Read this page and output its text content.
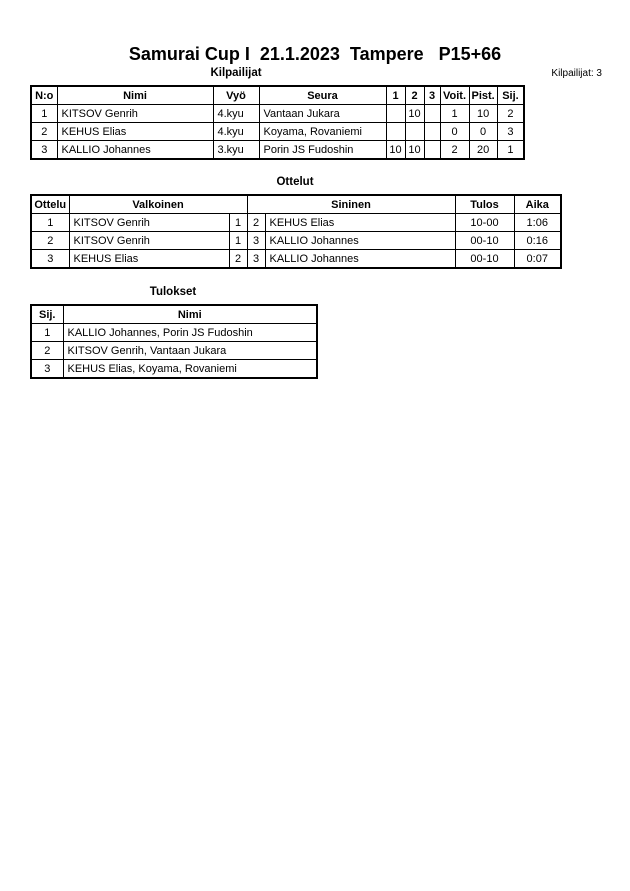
Samurai Cup I  21.1.2023  Tampere   P15+66
Kilpailijat: 3
Kilpailijat
N:o	Nimi	Vyö	Seura	1	2	3	Voit.	Pist.	Sij.
1	KITSOV Genrih	4.kyu	Vantaan Jukara		10		1	10	2
2	KEHUS Elias	4.kyu	Koyama, Rovaniemi				0	0	3
3	KALLIO Johannes	3.kyu	Porin JS Fudoshin	10	10		2	20	1
Ottelut
Ottelu	Valkoinen		Sininen		Tulos	Aika
1	KITSOV Genrih	1	2	KEHUS Elias	10-00	1:06
2	KITSOV Genrih	1	3	KALLIO Johannes	00-10	0:16
3	KEHUS Elias	2	3	KALLIO Johannes	00-10	0:07
Tulokset
Sij.	Nimi
1	KALLIO Johannes, Porin JS Fudoshin
2	KITSOV Genrih, Vantaan Jukara
3	KEHUS Elias, Koyama, Rovaniemi
